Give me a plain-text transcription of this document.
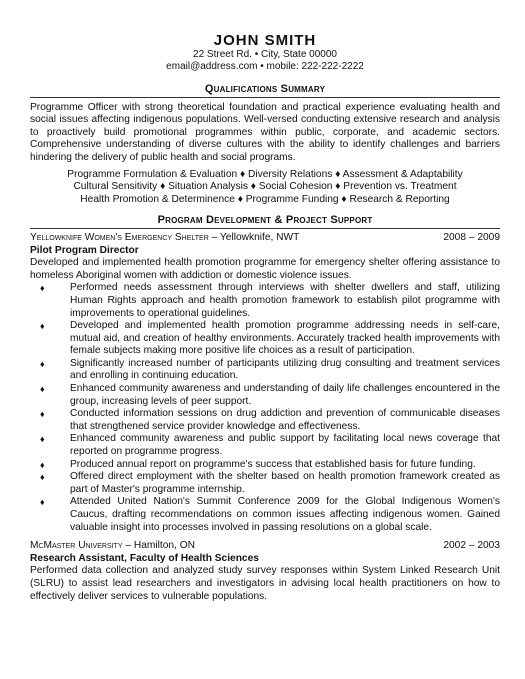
JOHN SMITH
22 Street Rd. • City, State 00000
email@address.com • mobile: 222-222-2222
Qualifications Summary
Programme Officer with strong theoretical foundation and practical experience evaluating health and social issues affecting indigenous populations. Well-versed conducting extensive research and analysis to proactively build promotional programmes within public, corporate, and academic sectors. Comprehensive understanding of diverse cultures with the ability to identify challenges and barriers hindering the delivery of public health and social programs.
Programme Formulation & Evaluation ♦ Diversity Relations ♦ Assessment & Adaptability
Cultural Sensitivity ♦ Situation Analysis ♦ Social Cohesion ♦ Prevention vs. Treatment
Health Promotion & Determinence ♦ Programme Funding ♦ Research & Reporting
Program Development & Project Support
Yellowknife Women's Emergency Shelter – Yellowknife, NWT	2008 – 2009
Pilot Program Director
Developed and implemented health promotion programme for emergency shelter offering assistance to homeless Aboriginal women with addiction or domestic violence issues.
♦ Performed needs assessment through interviews with shelter dwellers and staff, utilizing Human Rights approach and health promotion framework to establish pilot programme with improvements to operational guidelines.
♦ Developed and implemented health promotion programme addressing needs in self-care, mutual aid, and creation of healthy environments. Accurately tracked health improvements with female subjects making more positive life choices as a result of participation.
♦ Significantly increased number of participants utilizing drug consulting and treatment services and enrolling in continuing education.
♦ Enhanced community awareness and understanding of daily life challenges encountered in the group, increasing levels of peer support.
♦ Conducted information sessions on drug addiction and prevention of communicable diseases that strengthened service provider knowledge and effectiveness.
♦ Enhanced community awareness and public support by facilitating local news coverage that reported on programme progress.
♦ Produced annual report on programme's success that established basis for future funding.
♦ Offered direct employment with the shelter based on health promotion framework created as part of Master's programme internship.
♦ Attended United Nation's Summit Conference 2009 for the Global Indigenous Women's Caucus, drafting recommendations on common issues affecting indigenous women. Gained valuable insight into processes involved in passing resolutions on a global scale.
McMaster University – Hamilton, ON	2002 – 2003
Research Assistant, Faculty of Health Sciences
Performed data collection and analyzed study survey responses within System Linked Research Unit (SLRU) to assist lead researchers and investigators in advising local health practitioners on how to effectively deliver services to vulnerable populations.
